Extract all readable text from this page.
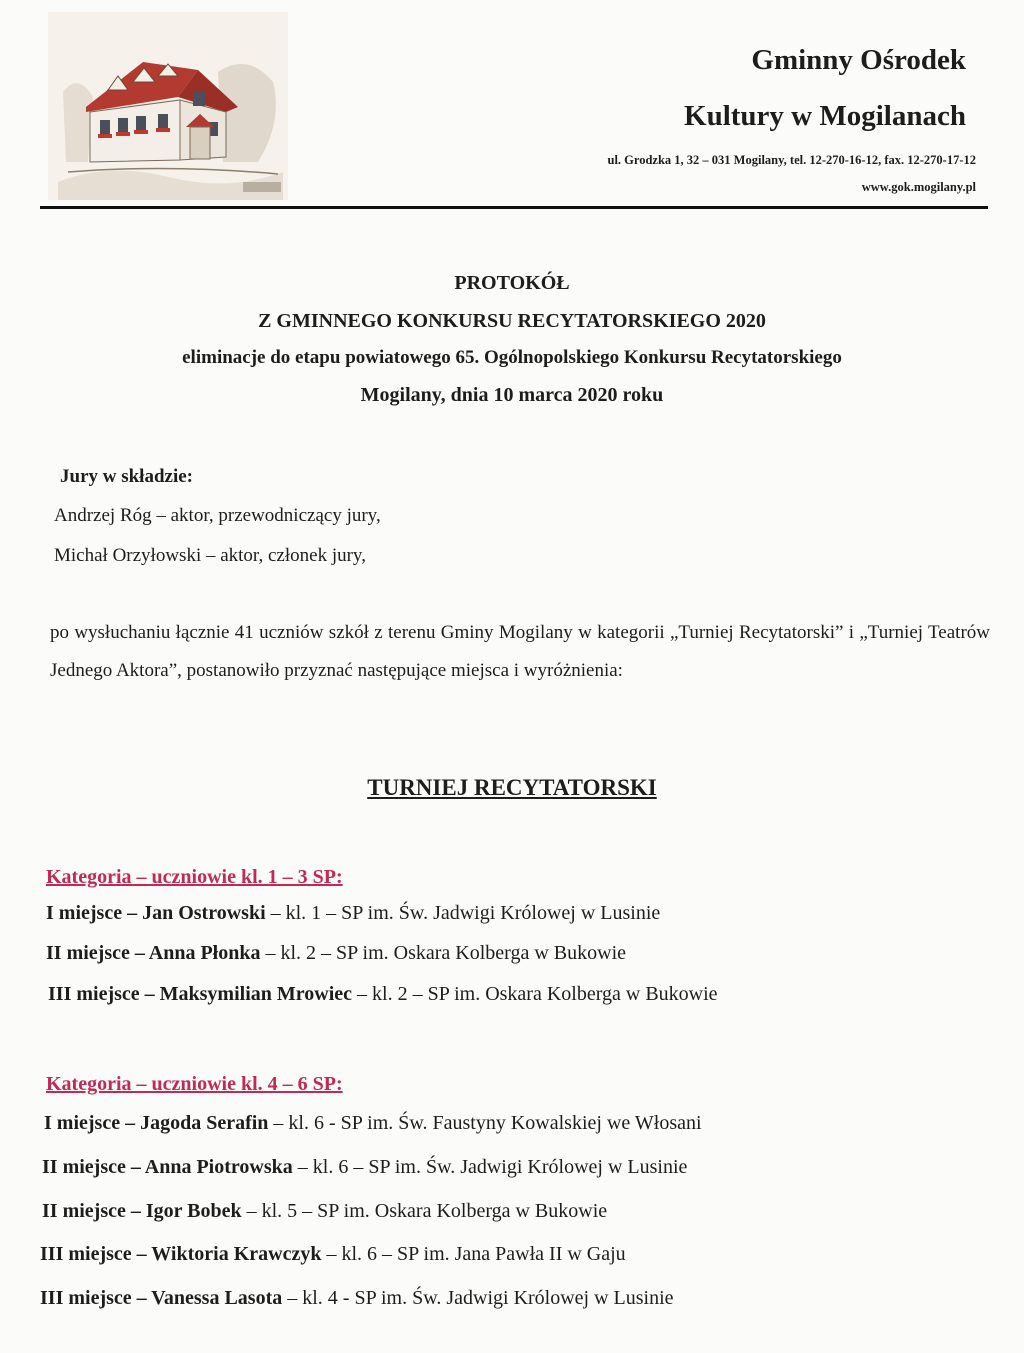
Gminny Ośrodek
Kultury w Mogilanach
ul. Grodzka 1, 32 – 031 Mogilany, tel. 12-270-16-12, fax. 12-270-17-12
www.gok.mogilany.pl
PROTOKÓŁ
Z GMINNEGO KONKURSU RECYTATORSKIEGO 2020
eliminacje do etapu powiatowego 65. Ogólnopolskiego Konkursu Recytatorskiego
Mogilany, dnia 10 marca 2020 roku
Jury w składzie:
Andrzej Róg – aktor, przewodniczący jury,
Michał Orzyłowski – aktor, członek jury,
po wysłuchaniu łącznie 41 uczniów szkół z terenu Gminy Mogilany w kategorii „Turniej Recytatorski” i „Turniej Teatrów Jednego Aktora”, postanowiło przyznać następujące miejsca i wyróżnienia:
TURNIEJ RECYTATORSKI
Kategoria – uczniowie kl. 1 – 3 SP:
I miejsce – Jan Ostrowski – kl. 1 – SP im. Św. Jadwigi Królowej w Lusinie
II miejsce – Anna Płonka – kl. 2 – SP im. Oskara Kolberga w Bukowie
III miejsce – Maksymilian Mrowiec – kl. 2 – SP im. Oskara Kolberga w Bukowie
Kategoria – uczniowie kl. 4 – 6 SP:
I miejsce – Jagoda Serafin – kl. 6 - SP im. Św. Faustyny Kowalskiej we Włosani
II miejsce – Anna Piotrowska – kl. 6 – SP im. Św. Jadwigi Królowej w Lusinie
II miejsce – Igor Bobek – kl. 5 – SP im. Oskara Kolberga w Bukowie
III miejsce – Wiktoria Krawczyk – kl. 6 – SP im. Jana Pawła II w Gaju
III miejsce – Vanessa Lasota – kl. 4 - SP im. Św. Jadwigi Królowej w Lusinie
